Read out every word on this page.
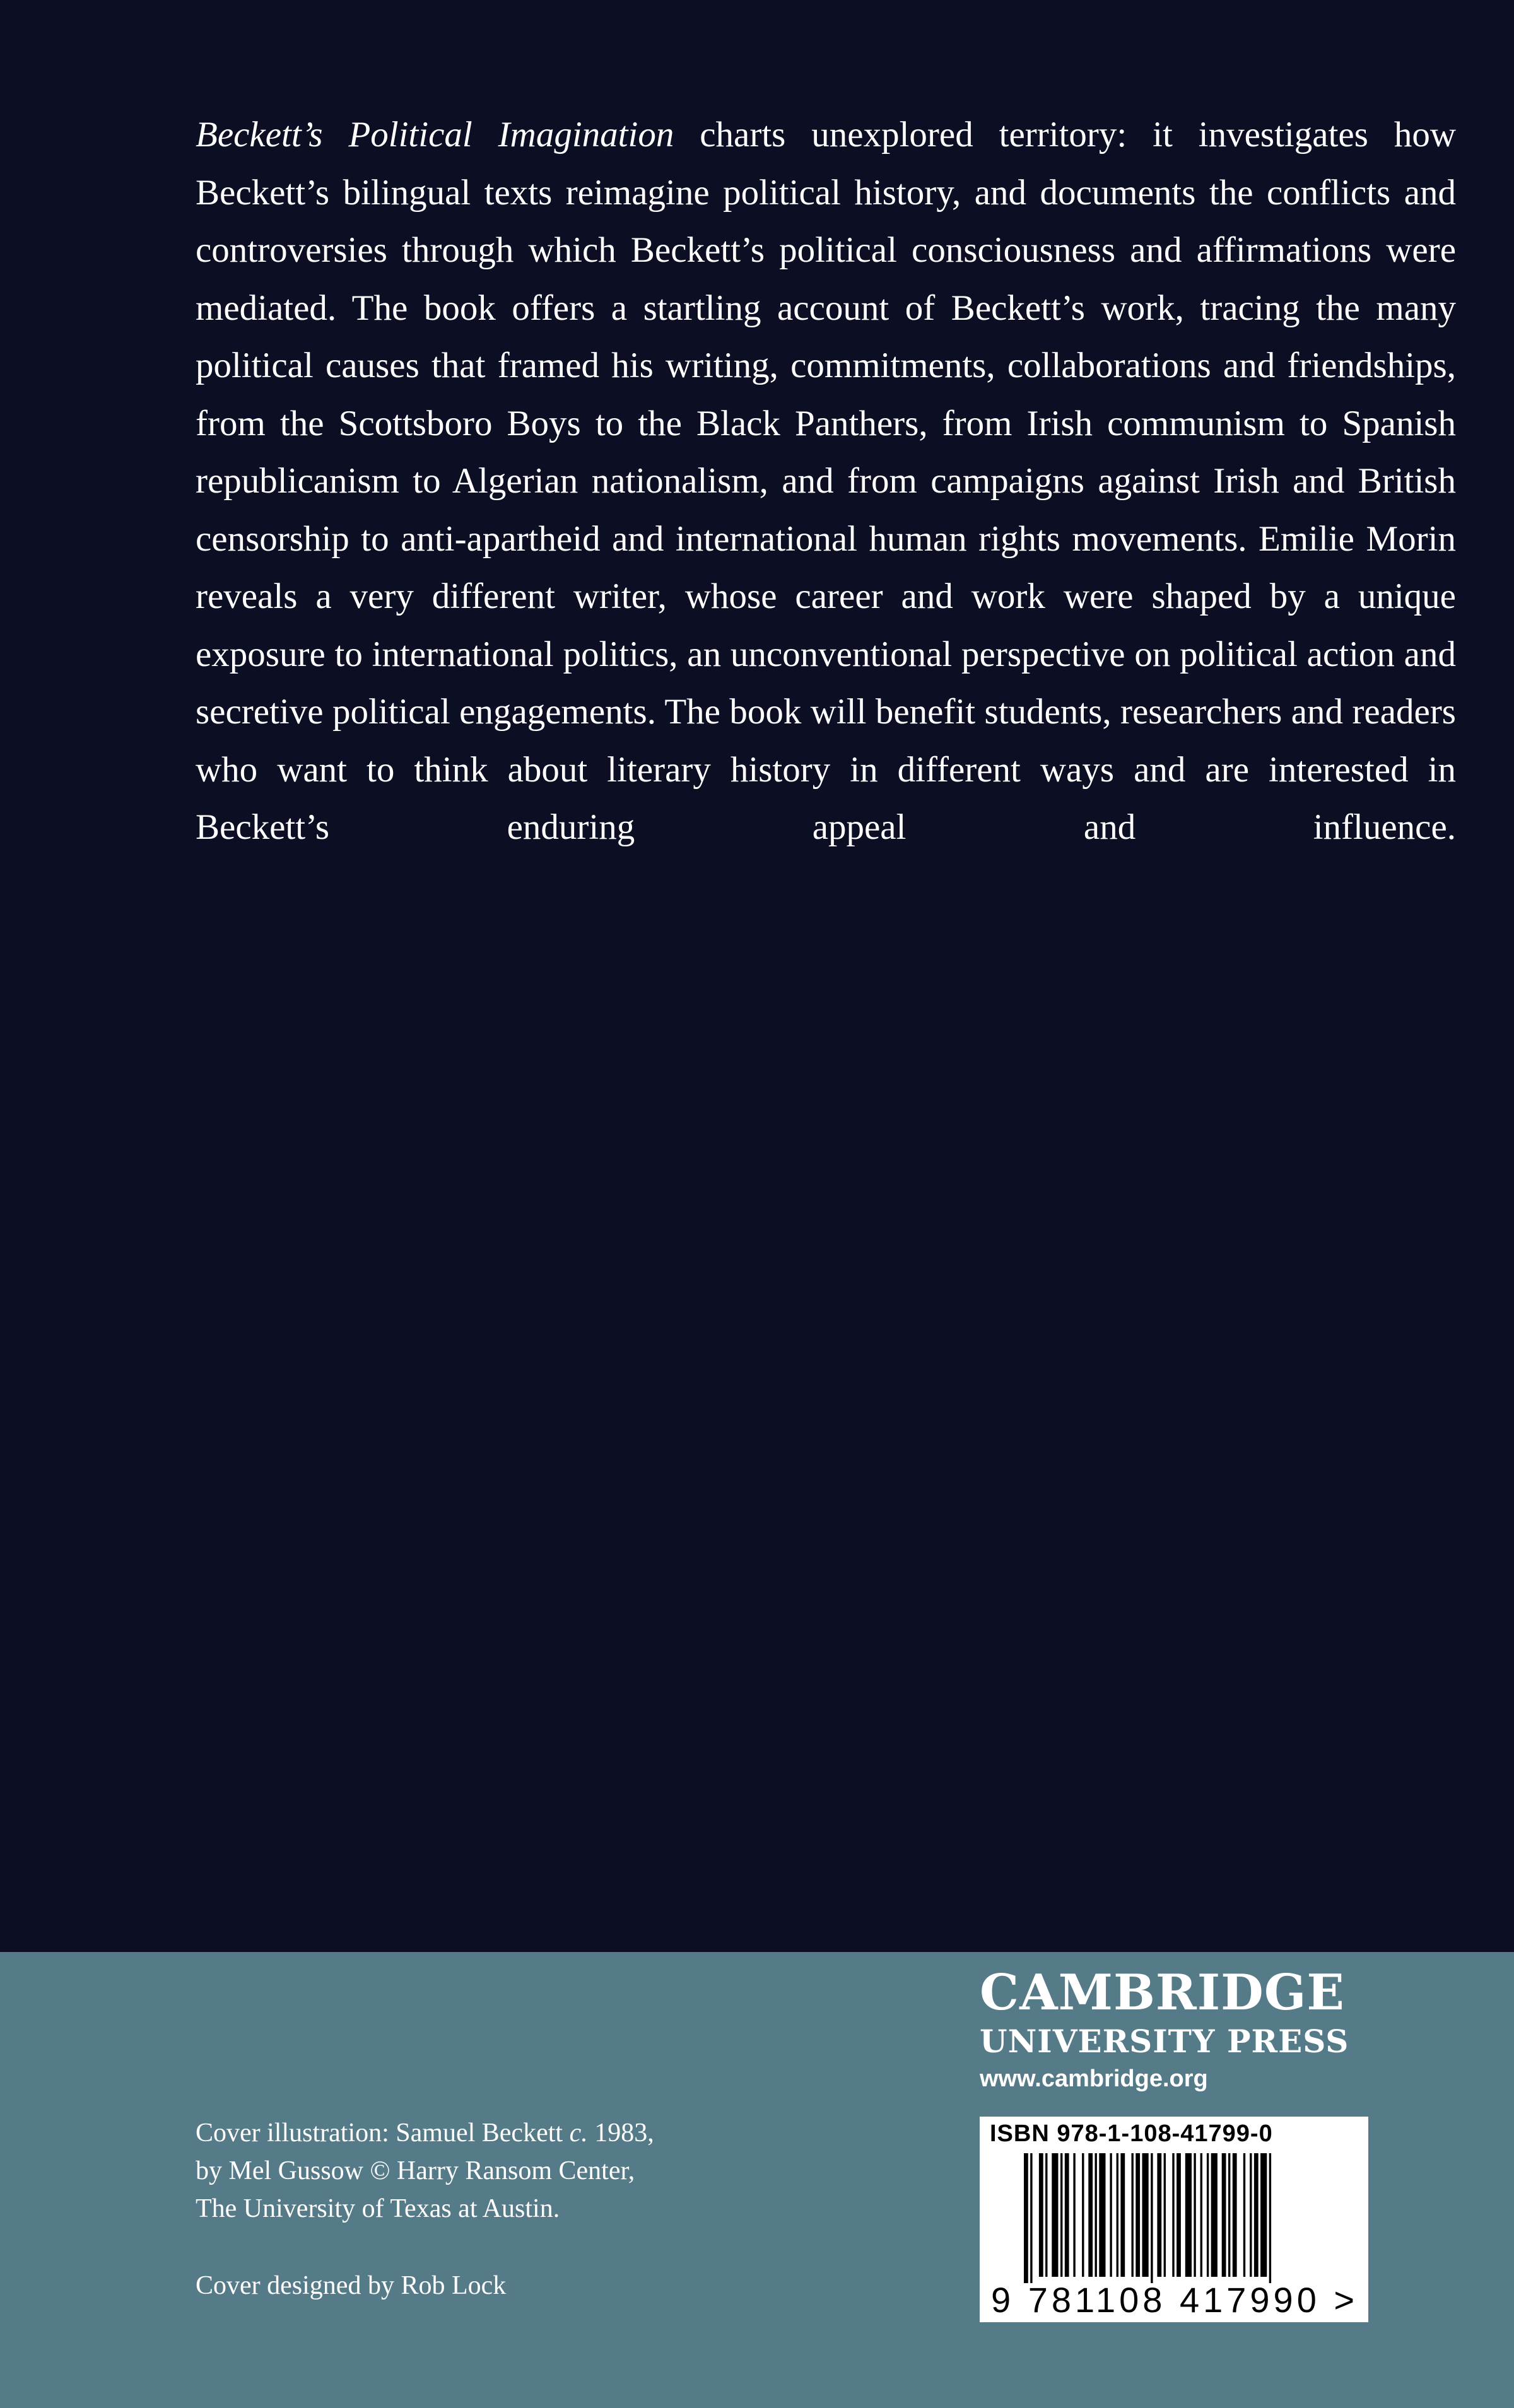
Beckett’s Political Imagination charts unexplored territory: it investigates how Beckett’s bilingual texts reimagine political history, and documents the conflicts and controversies through which Beckett’s political consciousness and affirmations were mediated. The book offers a startling account of Beckett’s work, tracing the many political causes that framed his writing, commitments, collaborations and friendships, from the Scottsboro Boys to the Black Panthers, from Irish communism to Spanish republicanism to Algerian nationalism, and from campaigns against Irish and British censorship to anti-apartheid and international human rights movements. Emilie Morin reveals a very different writer, whose career and work were shaped by a unique exposure to international politics, an unconventional perspective on political action and secretive political engagements. The book will benefit students, researchers and readers who want to think about literary history in different ways and are interested in Beckett’s enduring appeal and influence.

Cover illustration: Samuel Beckett c. 1983,
by Mel Gussow © Harry Ransom Center,
The University of Texas at Austin.
Cover designed by Rob Lock
CAMBRIDGE
UNIVERSITY PRESS
www.cambridge.org
ISBN 978-1-108-41799-0
9 781108 417990 >
